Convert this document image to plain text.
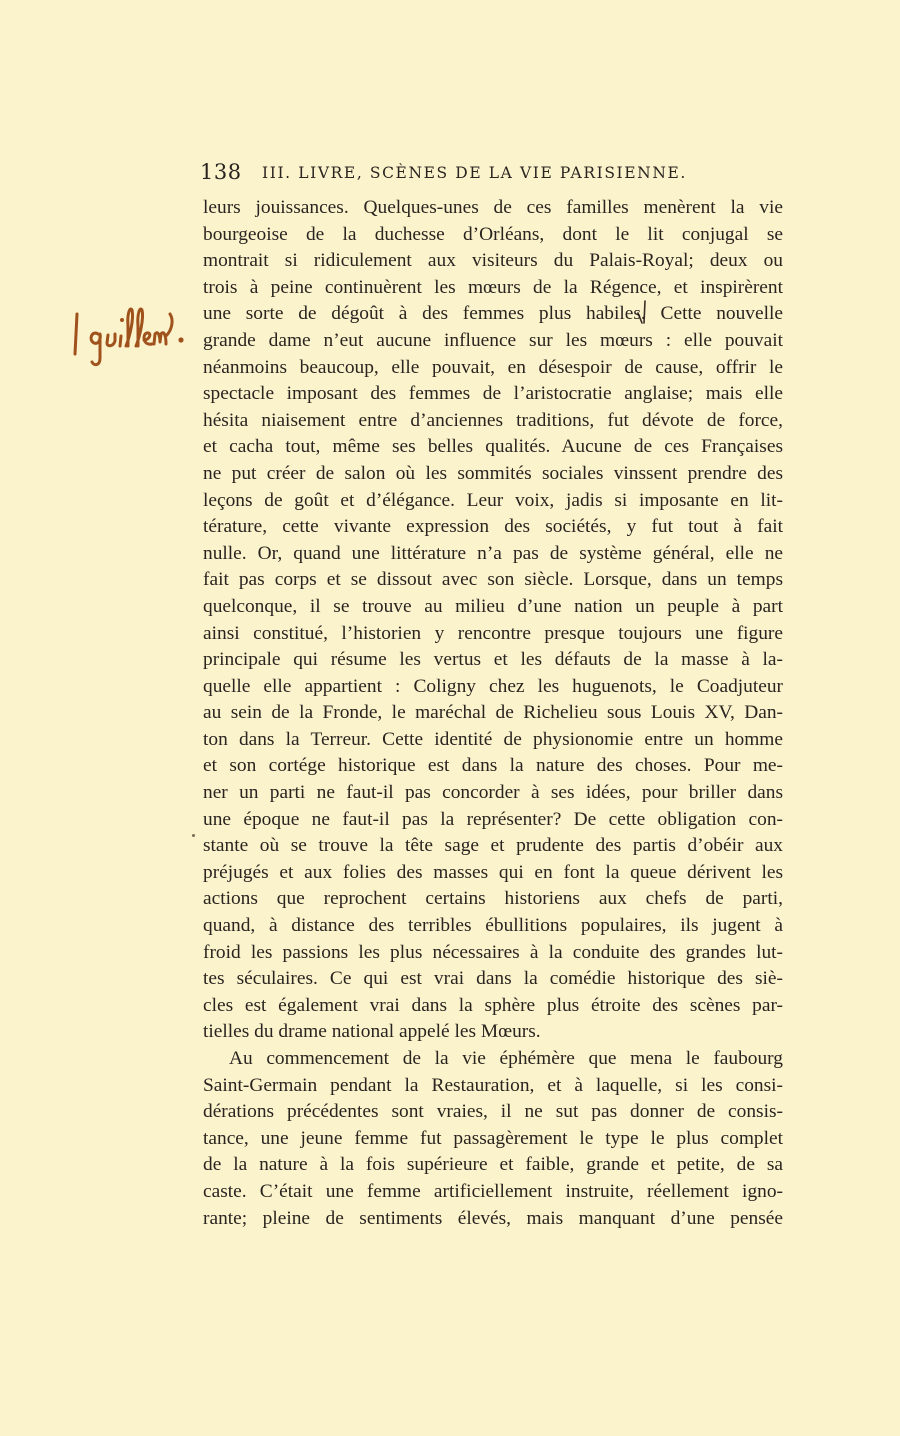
138 III. LIVRE, SCÈNES DE LA VIE PARISIENNE.
leurs jouissances. Quelques-unes de ces familles menèrent la vie
bourgeoise de la duchesse d’Orléans, dont le lit conjugal se
montrait si ridiculement aux visiteurs du Palais-Royal; deux ou
trois à peine continuèrent les mœurs de la Régence, et inspirèrent
une sorte de dégoût à des femmes plus habiles. Cette nouvelle
grande dame n’eut aucune influence sur les mœurs : elle pouvait
néanmoins beaucoup, elle pouvait, en désespoir de cause, offrir le
spectacle imposant des femmes de l’aristocratie anglaise; mais elle
hésita niaisement entre d’anciennes traditions, fut dévote de force,
et cacha tout, même ses belles qualités. Aucune de ces Françaises
ne put créer de salon où les sommités sociales vinssent prendre des
leçons de goût et d’élégance. Leur voix, jadis si imposante en lit-
térature, cette vivante expression des sociétés, y fut tout à fait
nulle. Or, quand une littérature n’a pas de système général, elle ne
fait pas corps et se dissout avec son siècle. Lorsque, dans un temps
quelconque, il se trouve au milieu d’une nation un peuple à part
ainsi constitué, l’historien y rencontre presque toujours une figure
principale qui résume les vertus et les défauts de la masse à la-
quelle elle appartient : Coligny chez les huguenots, le Coadjuteur
au sein de la Fronde, le maréchal de Richelieu sous Louis XV, Dan-
ton dans la Terreur. Cette identité de physionomie entre un homme
et son cortége historique est dans la nature des choses. Pour me-
ner un parti ne faut-il pas concorder à ses idées, pour briller dans
une époque ne faut-il pas la représenter? De cette obligation con-
stante où se trouve la tête sage et prudente des partis d’obéir aux
préjugés et aux folies des masses qui en font la queue dérivent les
actions que reprochent certains historiens aux chefs de parti,
quand, à distance des terribles ébullitions populaires, ils jugent à
froid les passions les plus nécessaires à la conduite des grandes lut-
tes séculaires. Ce qui est vrai dans la comédie historique des siè-
cles est également vrai dans la sphère plus étroite des scènes par-
tielles du drame national appelé les Mœurs.
Au commencement de la vie éphémère que mena le faubourg
Saint-Germain pendant la Restauration, et à laquelle, si les consi-
dérations précédentes sont vraies, il ne sut pas donner de consis-
tance, une jeune femme fut passagèrement le type le plus complet
de la nature à la fois supérieure et faible, grande et petite, de sa
caste. C’était une femme artificiellement instruite, réellement igno-
rante; pleine de sentiments élevés, mais manquant d’une pensée
